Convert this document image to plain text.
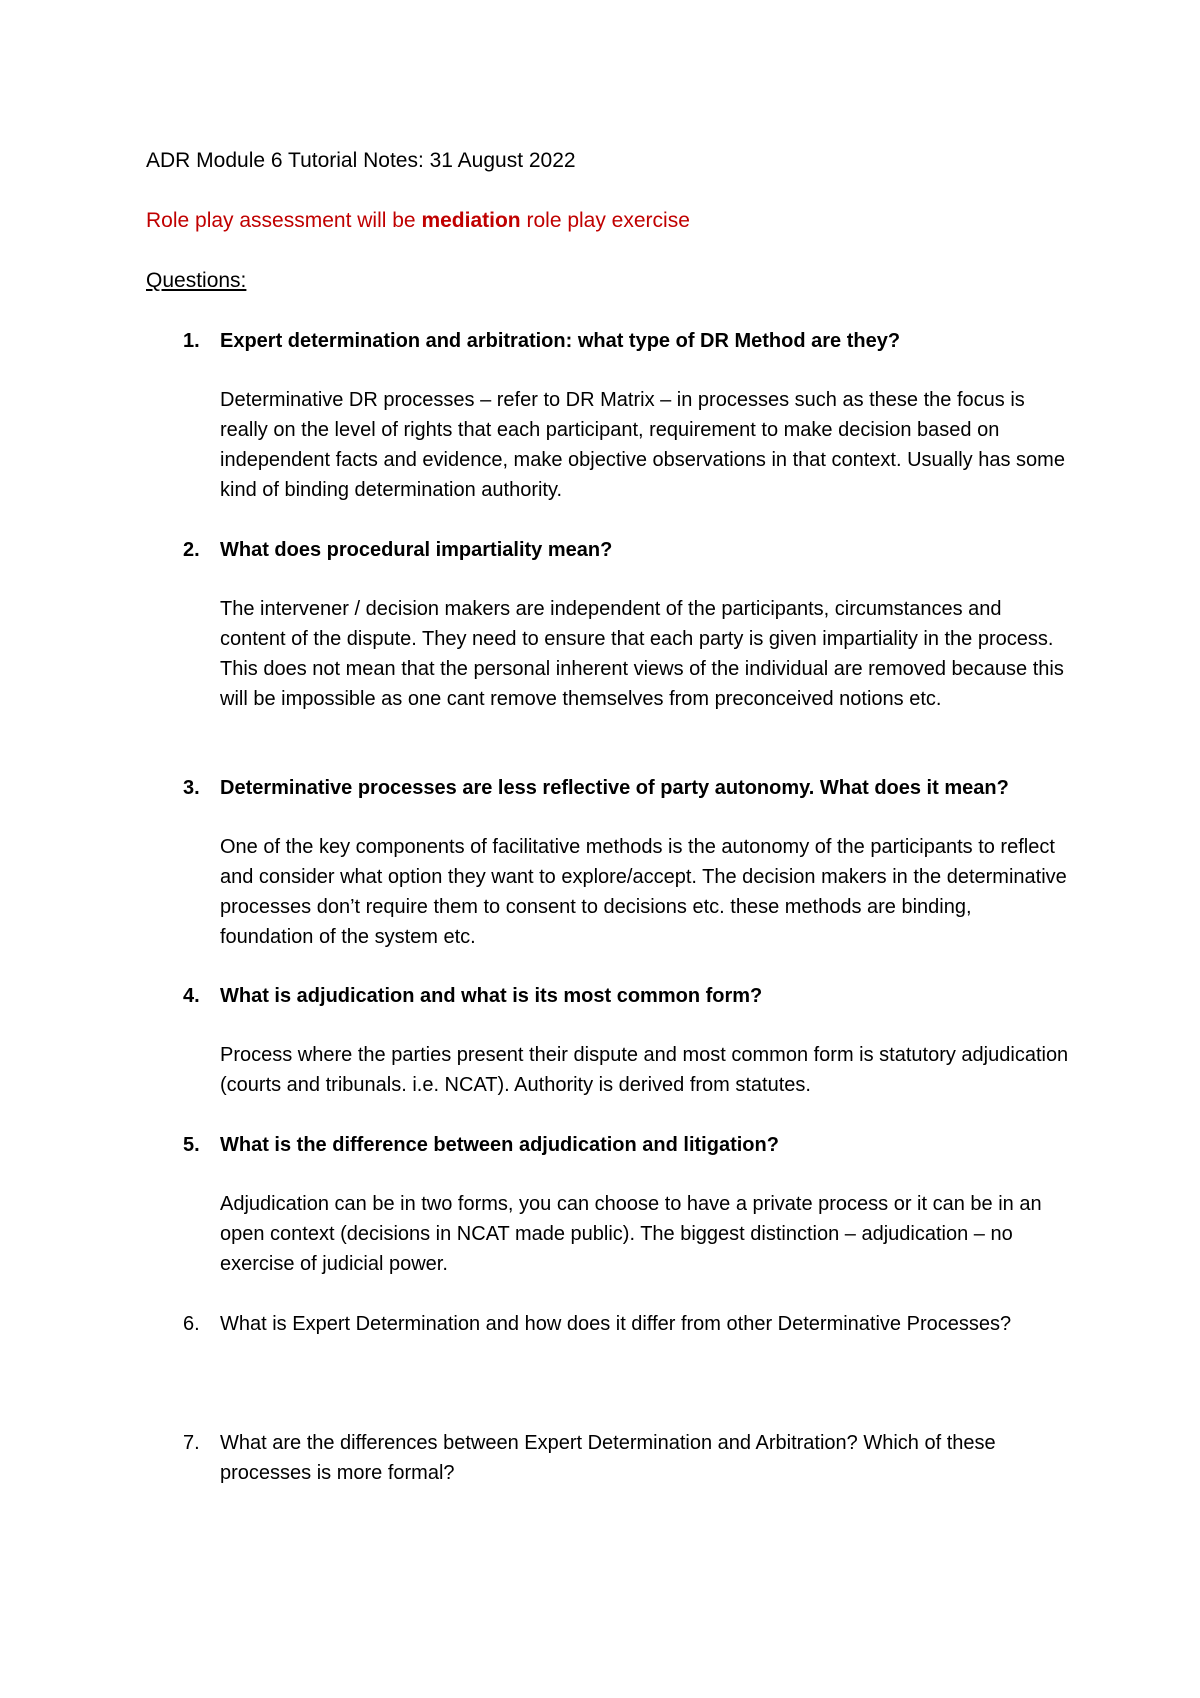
ADR Module 6 Tutorial Notes: 31 August 2022
Role play assessment will be mediation role play exercise
Questions:
1. Expert determination and arbitration: what type of DR Method are they?
Determinative DR processes – refer to DR Matrix – in processes such as these the focus is really on the level of rights that each participant, requirement to make decision based on independent facts and evidence, make objective observations in that context. Usually has some kind of binding determination authority.
2. What does procedural impartiality mean?
The intervener / decision makers are independent of the participants, circumstances and content of the dispute. They need to ensure that each party is given impartiality in the process. This does not mean that the personal inherent views of the individual are removed because this will be impossible as one cant remove themselves from preconceived notions etc.
3. Determinative processes are less reflective of party autonomy. What does it mean?
One of the key components of facilitative methods is the autonomy of the participants to reflect and consider what option they want to explore/accept. The decision makers in the determinative processes don’t require them to consent to decisions etc. these methods are binding, foundation of the system etc.
4. What is adjudication and what is its most common form?
Process where the parties present their dispute and most common form is statutory adjudication (courts and tribunals. i.e. NCAT). Authority is derived from statutes.
5. What is the difference between adjudication and litigation?
Adjudication can be in two forms, you can choose to have a private process or it can be in an open context (decisions in NCAT made public). The biggest distinction – adjudication – no exercise of judicial power.
6. What is Expert Determination and how does it differ from other Determinative Processes?
7. What are the differences between Expert Determination and Arbitration? Which of these processes is more formal?
